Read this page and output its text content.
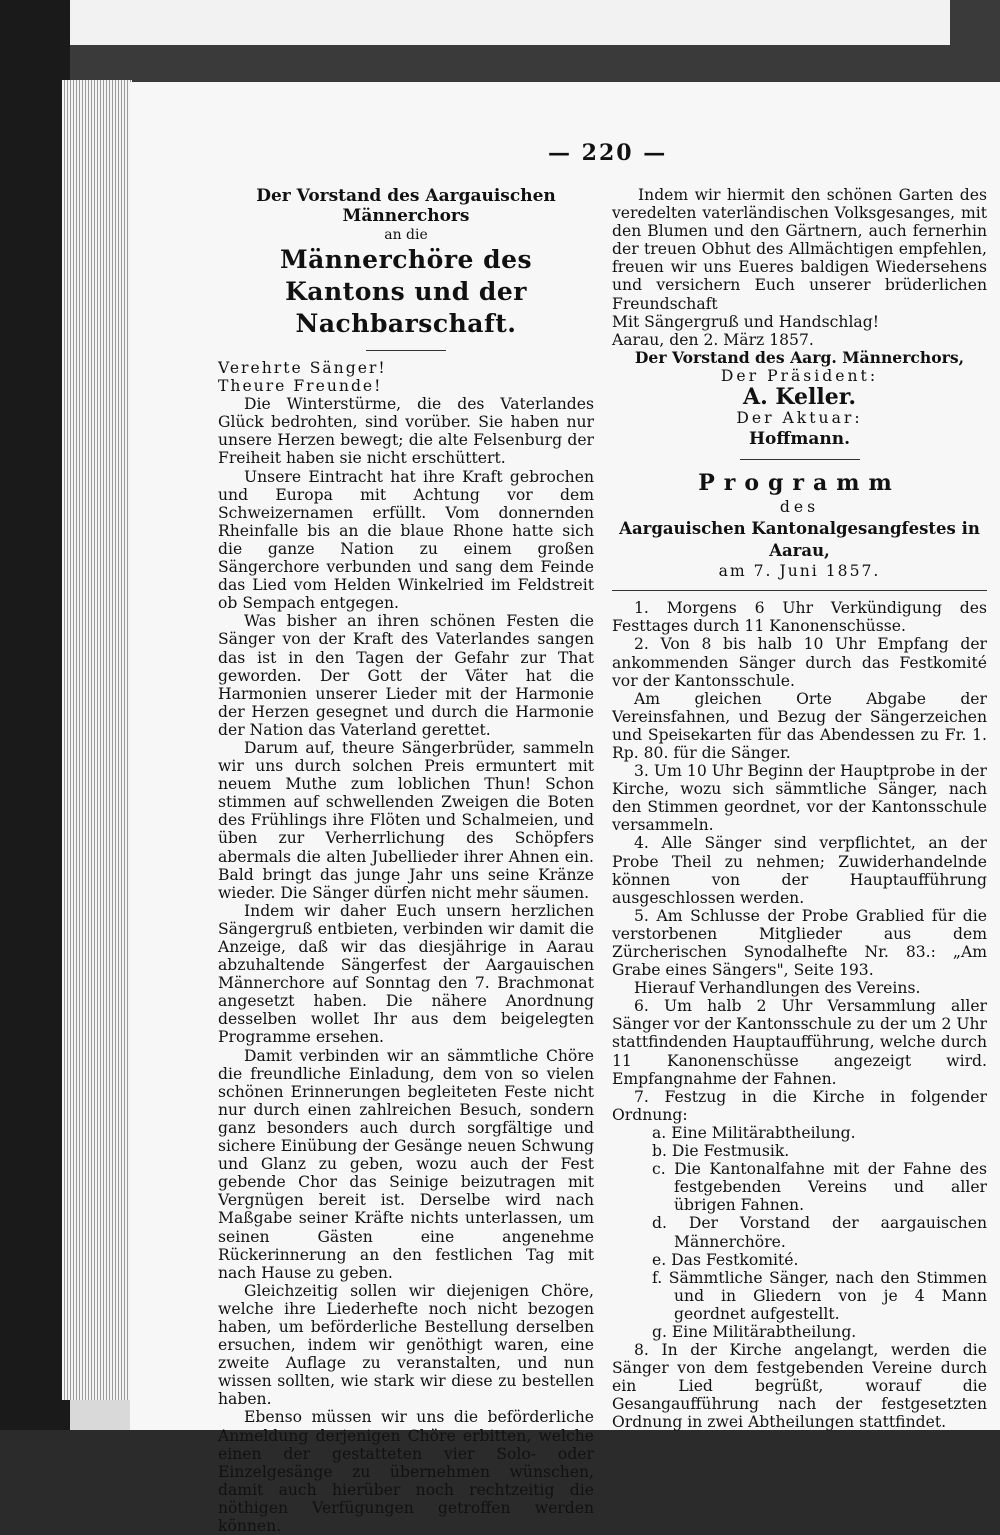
— 220 —
Der Vorstand des Aargauischen Männerchors
an die
Männerchöre des Kantons und der
Nachbarschaft.

Verehrte Sänger!

Theure Freunde!

Die Winterstürme, die des Vaterlandes Glück bedrohten, sind vorüber. Sie haben nur unsere Herzen bewegt; die alte Felsenburg der Freiheit haben sie nicht erschüttert.

Unsere Eintracht hat ihre Kraft gebrochen und Europa mit Achtung vor dem Schweizernamen erfüllt. Vom donnernden Rheinfalle bis an die blaue Rhone hatte sich die ganze Nation zu einem großen Sängerchore verbunden und sang dem Feinde das Lied vom Helden Winkelried im Feldstreit ob Sempach entgegen.

Was bisher an ihren schönen Festen die Sänger von der Kraft des Vaterlandes sangen das ist in den Tagen der Gefahr zur That geworden. Der Gott der Väter hat die Harmonien unserer Lieder mit der Harmonie der Herzen gesegnet und durch die Harmonie der Nation das Vaterland gerettet.

Darum auf, theure Sängerbrüder, sammeln wir uns durch solchen Preis ermuntert mit neuem Muthe zum loblichen Thun! Schon stimmen auf schwellenden Zweigen die Boten des Frühlings ihre Flöten und Schalmeien, und üben zur Verherrlichung des Schöpfers abermals die alten Jubellieder ihrer Ahnen ein. Bald bringt das junge Jahr uns seine Kränze wieder. Die Sänger dürfen nicht mehr säumen.

Indem wir daher Euch unsern herzlichen Sängergruß entbieten, verbinden wir damit die Anzeige, daß wir das diesjährige in Aarau abzuhaltende Sängerfest der Aargauischen Männerchore auf Sonntag den 7. Brachmonat angesetzt haben. Die nähere Anordnung desselben wollet Ihr aus dem beigelegten Programme ersehen.

Damit verbinden wir an sämmtliche Chöre die freundliche Einladung, dem von so vielen schönen Erinnerungen begleiteten Feste nicht nur durch einen zahlreichen Besuch, sondern ganz besonders auch durch sorgfältige und sichere Einübung der Gesänge neuen Schwung und Glanz zu geben, wozu auch der Fest gebende Chor das Seinige beizutragen mit Vergnügen bereit ist. Derselbe wird nach Maßgabe seiner Kräfte nichts unterlassen, um seinen Gästen eine angenehme Rückerinnerung an den festlichen Tag mit nach Hause zu geben.

Gleichzeitig sollen wir diejenigen Chöre, welche ihre Liederhefte noch nicht bezogen haben, um beförderliche Bestellung derselben ersuchen, indem wir genöthigt waren, eine zweite Auflage zu veranstalten, und nun wissen sollten, wie stark wir diese zu bestellen haben.

Ebenso müssen wir uns die beförderliche Anmeldung derjenigen Chöre erbitten, welche einen der gestatteten vier Solo- oder Einzelgesänge zu übernehmen wünschen, damit auch hierüber noch rechtzeitig die nöthigen Verfügungen getroffen werden können.

Indem wir hiermit den schönen Garten des veredelten vaterländischen Volksgesanges, mit den Blumen und den Gärtnern, auch fernerhin der treuen Obhut des Allmächtigen empfehlen, freuen wir uns Eueres baldigen Wiedersehens und versichern Euch unserer brüderlichen Freundschaft

Mit Sängergruß und Handschlag!

Aarau, den 2. März 1857.

Der Vorstand des Aarg. Männerchors,

Der Präsident:

A. Keller.

Der Aktuar:

Hoffmann.

Programm

des

Aargauischen Kantonalgesangfestes in Aarau,

am 7. Juni 1857.

1. Morgens 6 Uhr Verkündigung des Festtages durch 11 Kanonenschüsse.

2. Von 8 bis halb 10 Uhr Empfang der ankommenden Sänger durch das Festkomité vor der Kantonsschule.

Am gleichen Orte Abgabe der Vereinsfahnen, und Bezug der Sängerzeichen und Speisekarten für das Abendessen zu Fr. 1. Rp. 80. für die Sänger.

3. Um 10 Uhr Beginn der Hauptprobe in der Kirche, wozu sich sämmtliche Sänger, nach den Stimmen geordnet, vor der Kantonsschule versammeln.

4. Alle Sänger sind verpflichtet, an der Probe Theil zu nehmen; Zuwiderhandelnde können von der Hauptaufführung ausgeschlossen werden.

5. Am Schlusse der Probe Grablied für die verstorbenen Mitglieder aus dem Zürcherischen Synodalhefte Nr. 83.: „Am Grabe eines Sängers", Seite 193.

Hierauf Verhandlungen des Vereins.

6. Um halb 2 Uhr Versammlung aller Sänger vor der Kantonsschule zu der um 2 Uhr stattfindenden Hauptaufführung, welche durch 11 Kanonenschüsse angezeigt wird. Empfangnahme der Fahnen.

7. Festzug in die Kirche in folgender Ordnung:

a. Eine Militärabtheilung.

b. Die Festmusik.

c. Die Kantonalfahne mit der Fahne des festgebenden Vereins und aller übrigen Fahnen.

d. Der Vorstand der aargauischen Männerchöre.

e. Das Festkomité.

f. Sämmtliche Sänger, nach den Stimmen und in Gliedern von je 4 Mann geordnet aufgestellt.

g. Eine Militärabtheilung.

8. In der Kirche angelangt, werden die Sänger von dem festgebenden Vereine durch ein Lied begrüßt, worauf die Gesangaufführung nach der festgesetzten Ordnung in zwei Abtheilungen stattfindet.
